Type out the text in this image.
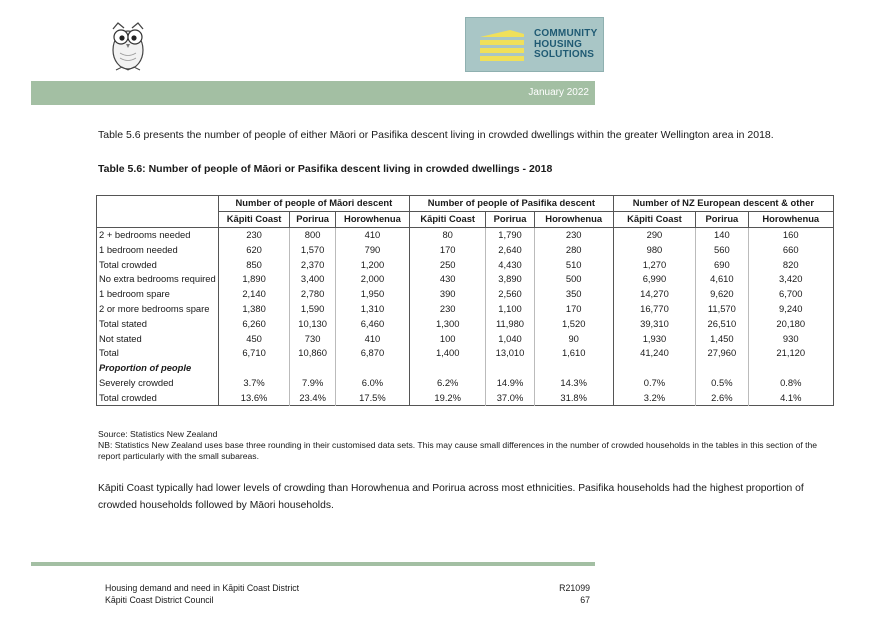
COMMUNITY
HOUSING
SOLUTIONS
January 2022
Table 5.6 presents the number of people of either Māori or Pasifika descent living in crowded dwellings within the greater Wellington area in 2018.
Table 5.6: Number of people of Māori or Pasifika descent living in crowded dwellings - 2018
	Number of people of Māori descent			Number of people of Pasifika descent			Number of NZ European descent & other		
	Kāpiti Coast	Porirua	Horowhenua	Kāpiti Coast	Porirua	Horowhenua	Kāpiti Coast	Porirua	Horowhenua
2 + bedrooms needed	230	800	410	80	1,790	230	290	140	160
1 bedroom needed	620	1,570	790	170	2,640	280	980	560	660
Total crowded	850	2,370	1,200	250	4,430	510	1,270	690	820
No extra bedrooms required	1,890	3,400	2,000	430	3,890	500	6,990	4,610	3,420
1 bedroom spare	2,140	2,780	1,950	390	2,560	350	14,270	9,620	6,700
2 or more bedrooms spare	1,380	1,590	1,310	230	1,100	170	16,770	11,570	9,240
Total stated	6,260	10,130	6,460	1,300	11,980	1,520	39,310	26,510	20,180
Not stated	450	730	410	100	1,040	90	1,930	1,450	930
Total	6,710	10,860	6,870	1,400	13,010	1,610	41,240	27,960	21,120
Proportion of people									
Severely crowded	3.7%	7.9%	6.0%	6.2%	14.9%	14.3%	0.7%	0.5%	0.8%
Total crowded	13.6%	23.4%	17.5%	19.2%	37.0%	31.8%	3.2%	2.6%	4.1%
Source: Statistics New Zealand
NB: Statistics New Zealand uses base three rounding in their customised data sets. This may cause small differences in the number of crowded households in the tables in this section of the report particularly with the small subareas.
Kāpiti Coast typically had lower levels of crowding than Horowhenua and Porirua across most ethnicities. Pasifika households had the highest proportion of crowded households followed by Māori households.
Housing demand and need in Kāpiti Coast District
Kāpiti Coast District Council
R21099
67
